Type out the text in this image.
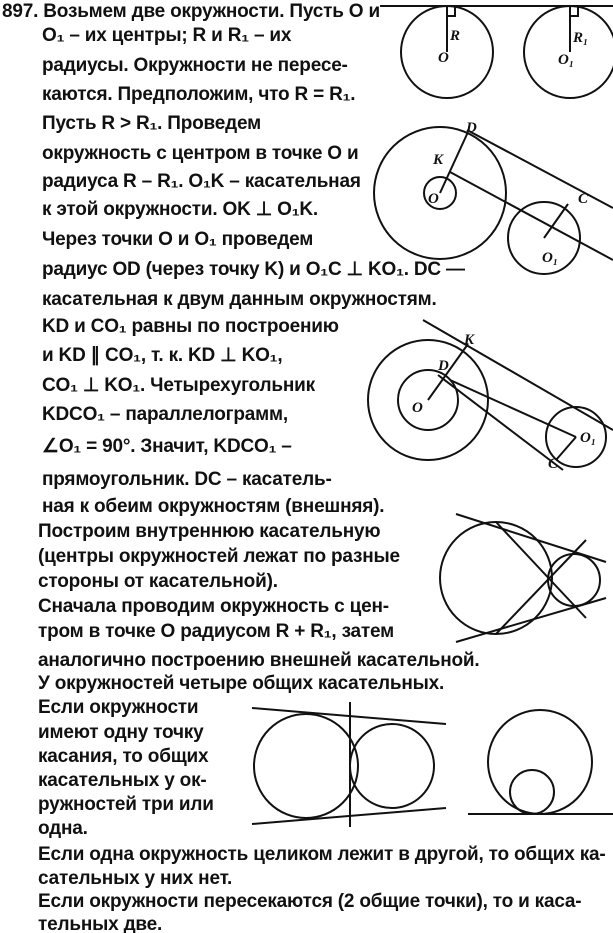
897. Возьмем две окружности. Пусть O и
O₁ – их центры; R и R₁ – их
радиусы. Окружности не пересе-
каются. Предположим, что R = R₁.
Пусть R > R₁. Проведем
окружность с центром в точке O и
радиуса R – R₁. O₁K – касательная
к этой окружности. OK ⊥ O₁K.
Через точки O и O₁ проведем
радиус OD (через точку K) и O₁C ⊥ KO₁. DC —
касательная к двум данным окружностям.
KD и CO₁ равны по построению
и KD ∥ CO₁, т. к. KD ⊥ KO₁,
CO₁ ⊥ KO₁. Четырехугольник
KDCO₁ – параллелограмм,
∠O₁ = 90°. Значит, KDCO₁ –
прямоугольник. DC – касатель-
ная к обеим окружностям (внешняя).
Построим внутреннюю касательную
(центры окружностей лежат по разные
стороны от касательной).
Сначала проводим окружность с цен-
тром в точке O радиусом R + R₁, затем
аналогично построению внешней касательной.
У окружностей четыре общих касательных.
Если окружности
имеют одну точку
касания, то общих
касательных у ок-
ружностей три или
одна.
Если одна окружность целиком лежит в другой, то общих ка-
сательных у них нет.
Если окружности пересекаются (2 общие точки), то и каса-
тельных две.
R
O
R₁
O₁
D
K
O	C
O₁
K
D
O
O₁
C
